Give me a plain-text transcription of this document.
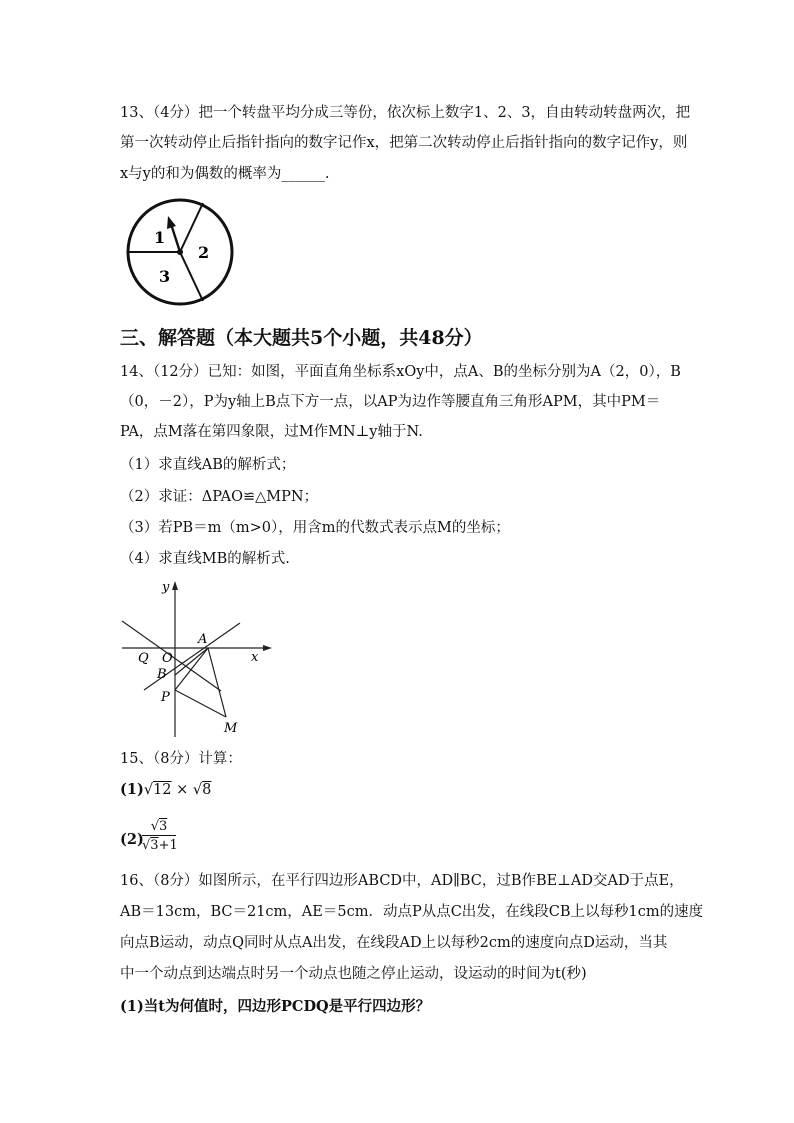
13、（4分）把一个转盘平均分成三等份，依次标上数字1、2、3，自由转动转盘两次，把
第一次转动停止后指针指向的数字记作x，把第二次转动停止后指针指向的数字记作y，则
x与y的和为偶数的概率为______.
1
2
3
三、解答题（本大题共5个小题，共48分）
14、（12分）已知：如图，平面直角坐标系xOy中，点A、B的坐标分别为A（2，0），B
（0，－2），P为y轴上B点下方一点，以AP为边作等腰直角三角形APM，其中PM＝
PA，点M落在第四象限，过M作MN⊥y轴于N.
（1）求直线AB的解析式；
（2）求证：ΔPAO≌△MPN；
（3）若PB＝m（m>0），用含m的代数式表示点M的坐标；
（4）求直线MB的解析式.
y
x
A
Q O
B
P
M
15、（8分）计算：
(1)√12 × √8
(2)
√3
√3+1
16、（8分）如图所示，在平行四边形ABCD中，AD∥BC，过B作BE⊥AD交AD于点E，
AB＝13cm，BC＝21cm，AE＝5cm．动点P从点C出发，在线段CB上以每秒1cm的速度
向点B运动，动点Q同时从点A出发，在线段AD上以每秒2cm的速度向点D运动，当其
中一个动点到达端点时另一个动点也随之停止运动，设运动的时间为t(秒)
(1)当t为何值时，四边形PCDQ是平行四边形？
